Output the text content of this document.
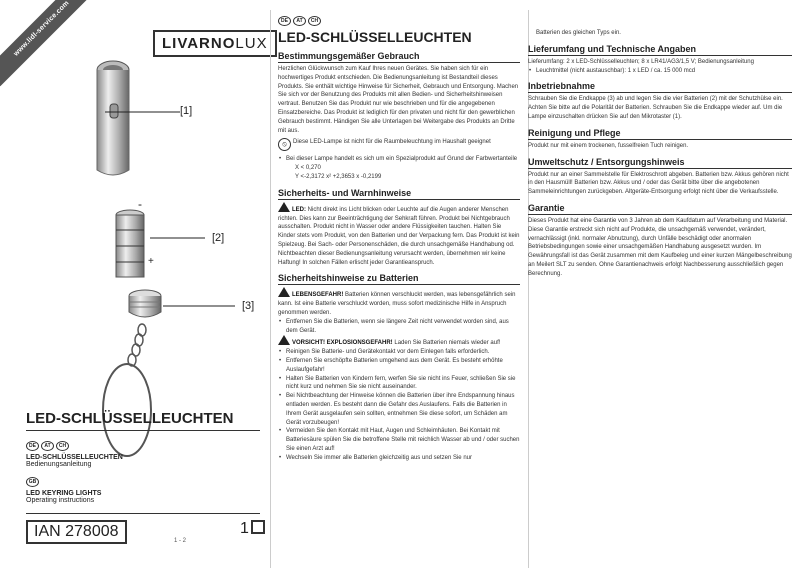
www.lidl-service.com	LIVARNOLUX
-
+
[1]
[2]
[3]
LED-SCHLÜSSELLEUCHTEN
DE	AT	CH
LED-SCHLÜSSELLEUCHTEN
Bedienungsanleitung
GB
LED KEYRING LIGHTS
Operating instructions
IAN 278008	1
1 - 2
DE	AT	CH
LED-SCHLÜSSELLEUCHTEN
Bestimmungsgemäßer Gebrauch

Herzlichen Glückwunsch zum Kauf Ihres neuen Gerätes. Sie haben sich für ein hochwertiges Produkt entschieden. Die Bedienungsanleitung ist Bestandteil dieses Produkts. Sie enthält wichtige Hinweise für Sicherheit, Gebrauch und Entsorgung. Machen Sie sich vor der Benutzung des Produkts mit allen Bedien- und Sicherheitshinweisen vertraut. Benutzen Sie das Produkt nur wie beschrieben und für die angegebenen Einsatzbereiche. Das Produkt ist lediglich für den privaten und nicht für den gewerblichen Gebrauch bestimmt. Händigen Sie alle Unterlagen bei Weitergabe des Produkts an Dritte mit aus.

⦸ Diese LED-Lampe ist nicht für die Raumbeleuchtung im Haushalt geeignet

• Bei dieser Lampe handelt es sich um ein Spezialprodukt auf Grund der Farbwertanteile
X < 0,270
Y <-2,3172 x² +2,3653 x -0,2199
Sicherheits- und Warnhinweise

LED: Nicht direkt ins Licht blicken oder Leuchte auf die Augen anderer Menschen richten. Dies kann zur Beeinträchtigung der Sehkraft führen. Produkt bei Nichtgebrauch ausschalten. Produkt nicht in Wasser oder andere Flüssigkeiten tauchen. Halten Sie Kinder stets vom Produkt, von den Batterien und der Verpackung fern. Das Produkt ist kein Spielzeug. Bei Sach- oder Personenschäden, die durch unsachgemäße Handhabung od. Nichtbeachten dieser Bedienungsanleitung verursacht werden, übernehmen wir keine Haftung! In solchen Fällen erlischt jeder Garantieanspruch.

Sicherheitshinweise zu Batterien

LEBENSGEFAHR! Batterien können verschluckt werden, was lebensgefährlich sein kann. Ist eine Batterie verschluckt worden, muss sofort medizinische Hilfe in Anspruch genommen werden.

• Entfernen Sie die Batterien, wenn sie längere Zeit nicht verwendet worden sind, aus dem Gerät.

VORSICHT! EXPLOSIONSGEFAHR! Laden Sie Batterien niemals wieder auf!

• Reinigen Sie Batterie- und Gerätekontakt vor dem Einlegen falls erforderlich.
• Entfernen Sie erschöpfte Batterien umgehend aus dem Gerät. Es besteht erhöhte Auslaufgefahr!
• Halten Sie Batterien von Kindern fern, werfen Sie sie nicht ins Feuer, schließen Sie sie nicht kurz und nehmen Sie sie nicht auseinander.
• Bei Nichtbeachtung der Hinweise können die Batterien über ihre Endspannung hinaus entladen werden. Es besteht dann die Gefahr des Auslaufens. Falls die Batterien in Ihrem Gerät ausgelaufen sein sollten, entnehmen Sie diese sofort, um Schäden am Gerät vorzubeugen!
• Vermeiden Sie den Kontakt mit Haut, Augen und Schleimhäuten. Bei Kontakt mit Batteriesäure spülen Sie die betroffene Stelle mit reichlich Wasser ab und / oder suchen Sie einen Arzt auf!
• Wechseln Sie immer alle Batterien gleichzeitig aus und setzen Sie nur

Batterien des gleichen Typs ein.

Lieferumfang und Technische Angaben

Lieferumfang: 2 x LED-Schlüsselleuchten; 8 x LR41/AG3/1,5 V; Bedienungsanleitung

• Leuchtmittel (nicht austauschbar): 1 x LED / ca. 15 000 mcd
Inbetriebnahme

Schrauben Sie die Endkappe (3) ab und legen Sie die vier Batterien (2) mit der Schutzhülse ein. Achten Sie bitte auf die Polarität der Batterien. Schrauben Sie die Endkappe wieder auf. Um die Lampe einzuschalten drücken Sie auf den Mikrotaster (1).

Reinigung und Pflege

Produkt nur mit einem trockenen, fusselfreien Tuch reinigen.

Umweltschutz / Entsorgungshinweis

Produkt nur an einer Sammelstelle für Elektroschrott abgeben. Batterien bzw. Akkus gehören nicht in den Hausmüll! Batterien bzw. Akkus und / oder das Gerät bitte über die angebotenen Sammeleinrichtungen zurückgeben. Altgeräte-Entsorgung erfolgt nicht über die Verkaufsstelle.

Garantie

Dieses Produkt hat eine Garantie von 3 Jahren ab dem Kaufdatum auf Verarbeitung und Material. Diese Garantie erstreckt sich nicht auf Produkte, die unsachgemäß verwendet, verändert, vernachlässigt (inkl. normaler Abnutzung), durch Unfälle beschädigt oder anormalen Betriebsbedingungen sowie einer unsachgemäßen Handhabung ausgesetzt wurden. Im Gewährungsfall ist das Gerät zusammen mit dem Kaufbeleg und einer kurzen Mängelbeschreibung an Meilert SLT zu senden. Ohne Garantienachweis erfolgt Nachbesserung ausschließlich gegen Berechnung.
